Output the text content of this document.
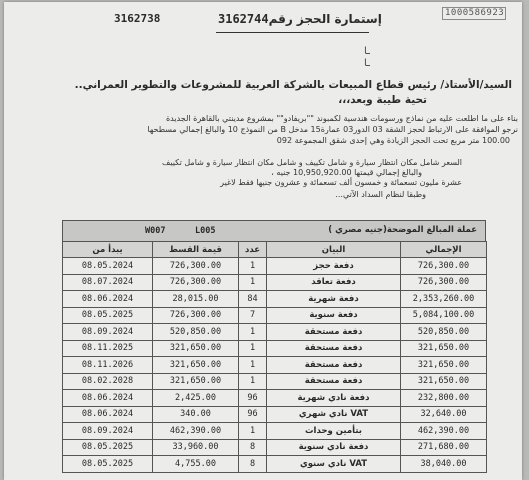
1000586923
3162738	إستمارة الحجز رقم3162744
ـا
ـا
السيد/الأستاذ/ رئيس قطاع المبيعات بالشركة العربية للمشروعات والتطوير العمراني..
تحية طيبة وبعد،،،
بناء على ما اطلعت عليه من نماذج ورسومات هندسية لكمبوند ""بريفادو"" بمشروع مدينتي بالقاهرة الجديدة
نرجو الموافقة على الارتباط لحجز الشقة 03 الدور03 عمارة15 مدخل B من النموذج 10 والبالغ إجمالي مسطحها
100.00 متر مربع تحت الحجز الزيادة وهي إحدى شقق المجموعة 092
السعر شامل مكان انتظار سيارة و شامل تكييف و شامل مكان انتظار سيارة و شامل تكييف
والبالغ إجمالي قيمتها 10,950,920.00 جنيه ،
عشرة مليون تسعمائة و خمسون ألف تسعمائة و عشرون جنيها فقط لاغير
وطبقا لنظام السداد الآتي...
W007	L005	عملة المبالغ الموضحة(جنيه مصري )
يبدأ من	قيمة القسط	عدد	البيان	الإجمالي
08.05.2024	726,300.00	1	دفعة حجز	726,300.00
08.07.2024	726,300.00	1	دفعة تعاقد	726,300.00
08.06.2024	28,015.00	84	دفعة شهرية	2,353,260.00
08.05.2025	726,300.00	7	دفعة سنوية	5,084,100.00
08.09.2024	520,850.00	1	دفعة مستحقة	520,850.00
08.11.2025	321,650.00	1	دفعة مستحقة	321,650.00
08.11.2026	321,650.00	1	دفعة مستحقة	321,650.00
08.02.2028	321,650.00	1	دفعة مستحقة	321,650.00
08.06.2024	2,425.00	96	دفعة نادي شهرية	232,800.00
08.06.2024	340.00	96	VAT نادي شهري	32,640.00
08.09.2024	462,390.00	1	بتأمين وحدات	462,390.00
08.05.2025	33,960.00	8	دفعة نادي سنوية	271,680.00
08.05.2025	4,755.00	8	VAT نادي سنوي	38,040.00
